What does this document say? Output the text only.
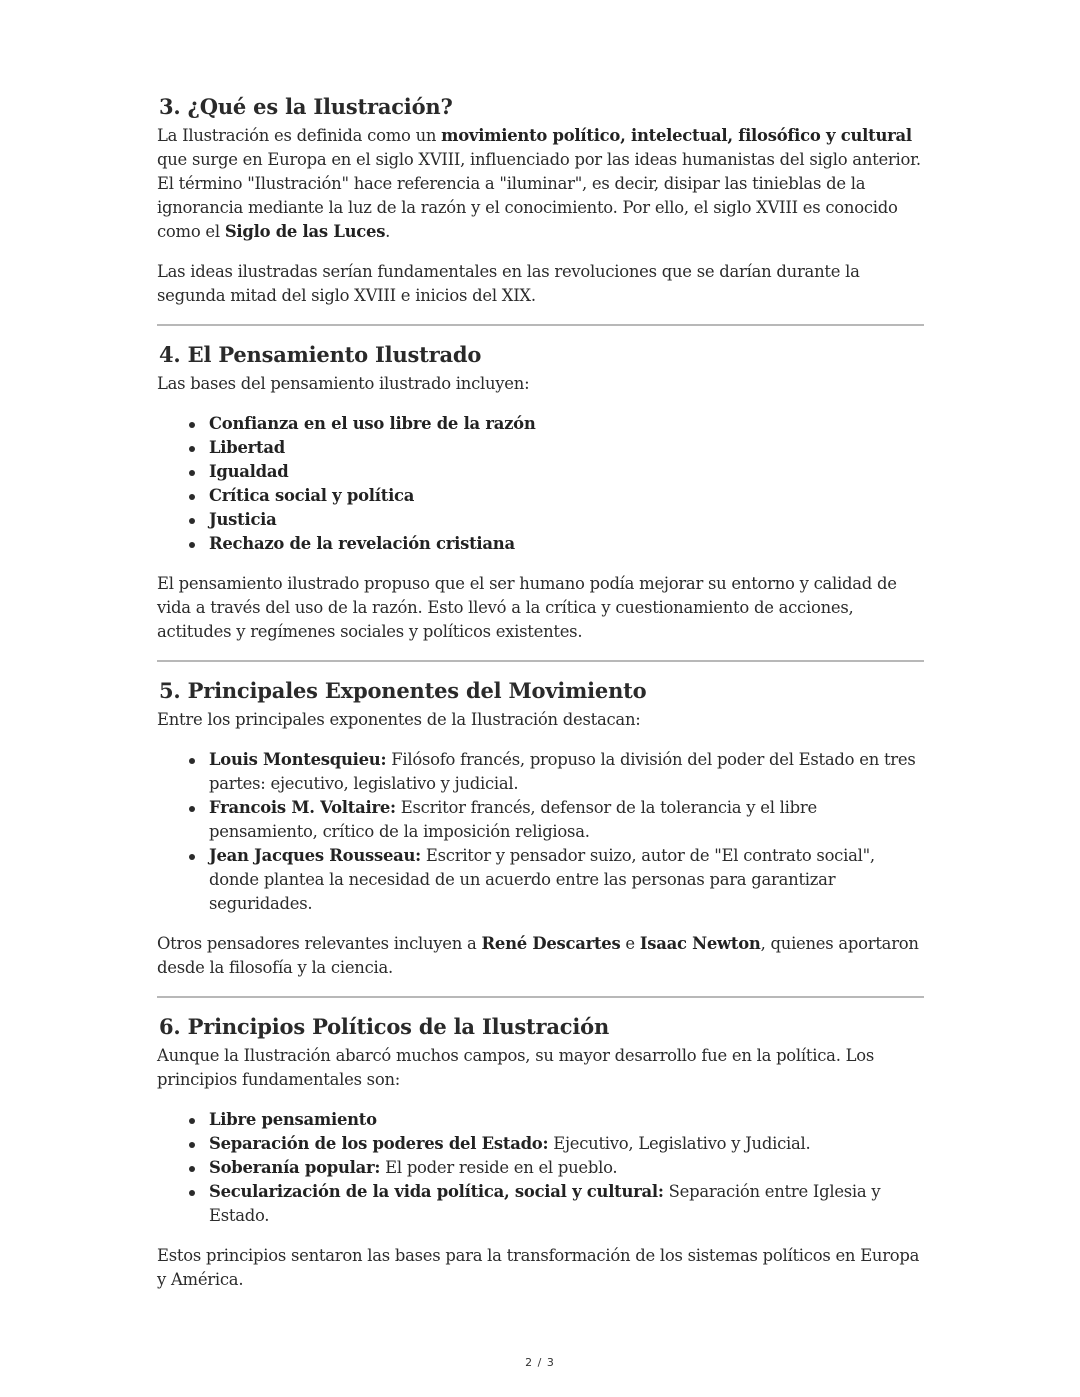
3. ¿Qué es la Ilustración?

La Ilustración es definida como un movimiento político, intelectual, filosófico y cultural que surge en Europa en el siglo XVIII, influenciado por las ideas humanistas del siglo anterior. El término "Ilustración" hace referencia a "iluminar", es decir, disipar las tinieblas de la ignorancia mediante la luz de la razón y el conocimiento. Por ello, el siglo XVIII es conocido como el Siglo de las Luces.

Las ideas ilustradas serían fundamentales en las revoluciones que se darían durante la segunda mitad del siglo XVIII e inicios del XIX.

4. El Pensamiento Ilustrado

Las bases del pensamiento ilustrado incluyen:

Confianza en el uso libre de la razón
Libertad
Igualdad
Crítica social y política
Justicia
Rechazo de la revelación cristiana

El pensamiento ilustrado propuso que el ser humano podía mejorar su entorno y calidad de vida a través del uso de la razón. Esto llevó a la crítica y cuestionamiento de acciones, actitudes y regímenes sociales y políticos existentes.

5. Principales Exponentes del Movimiento

Entre los principales exponentes de la Ilustración destacan:

Louis Montesquieu: Filósofo francés, propuso la división del poder del Estado en tres partes: ejecutivo, legislativo y judicial.
Francois M. Voltaire: Escritor francés, defensor de la tolerancia y el libre pensamiento, crítico de la imposición religiosa.
Jean Jacques Rousseau: Escritor y pensador suizo, autor de "El contrato social", donde plantea la necesidad de un acuerdo entre las personas para garantizar seguridades.

Otros pensadores relevantes incluyen a René Descartes e Isaac Newton, quienes aportaron desde la filosofía y la ciencia.

6. Principios Políticos de la Ilustración

Aunque la Ilustración abarcó muchos campos, su mayor desarrollo fue en la política. Los principios fundamentales son:

Libre pensamiento
Separación de los poderes del Estado: Ejecutivo, Legislativo y Judicial.
Soberanía popular: El poder reside en el pueblo.
Secularización de la vida política, social y cultural: Separación entre Iglesia y Estado.

Estos principios sentaron las bases para la transformación de los sistemas políticos en Europa y América.

2 / 3
